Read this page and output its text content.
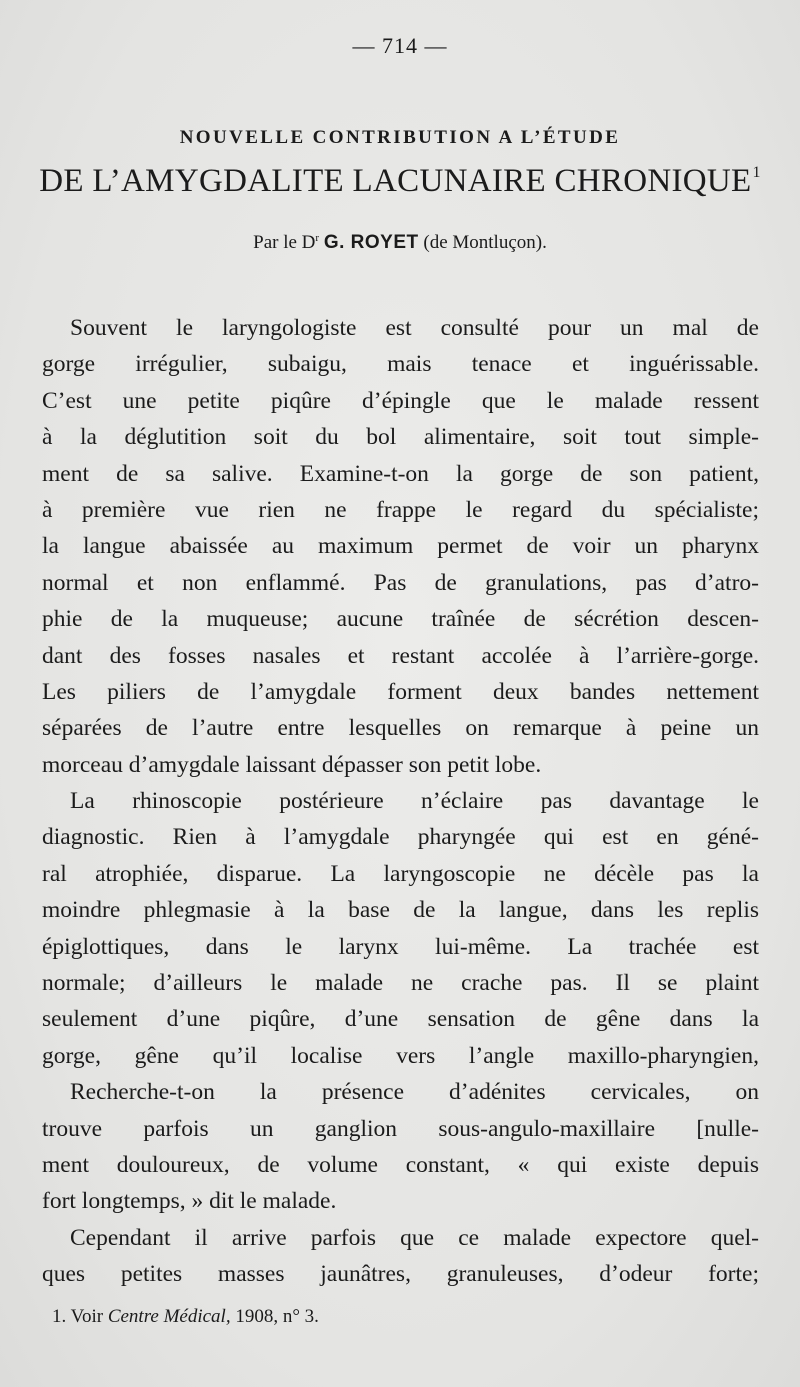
— 714 —
NOUVELLE CONTRIBUTION A L’ÉTUDE
DE L’AMYGDALITE LACUNAIRE CHRONIQUE$^1$
Par le $D^r$ G. ROYET (de Montluçon).
Souvent le laryngologiste est consulté pour un mal de
gorge irrégulier, subaigu, mais tenace et inguérissable.
C’est une petite piqûre d’épingle que le malade ressent
à la déglutition soit du bol alimentaire, soit tout simple-
ment de sa salive. Examine-t-on la gorge de son patient,
à première vue rien ne frappe le regard du spécialiste;
la langue abaissée au maximum permet de voir un pharynx
normal et non enflammé. Pas de granulations, pas d’atro-
phie de la muqueuse; aucune traînée de sécrétion descen-
dant des fosses nasales et restant accolée à l’arrière-gorge.
Les piliers de l’amygdale forment deux bandes nettement
séparées de l’autre entre lesquelles on remarque à peine un
morceau d’amygdale laissant dépasser son petit lobe.
La rhinoscopie postérieure n’éclaire pas davantage le
diagnostic. Rien à l’amygdale pharyngée qui est en géné-
ral atrophiée, disparue. La laryngoscopie ne décèle pas la
moindre phlegmasie à la base de la langue, dans les replis
épiglottiques, dans le larynx lui-même. La trachée est
normale; d’ailleurs le malade ne crache pas. Il se plaint
seulement d’une piqûre, d’une sensation de gêne dans la
gorge, gêne qu’il localise vers l’angle maxillo-pharyngien,
Recherche-t-on la présence d’adénites cervicales, on
trouve parfois un ganglion sous-angulo-maxillaire [nulle-
ment douloureux, de volume constant, « qui existe depuis
fort longtemps, » dit le malade.
Cependant il arrive parfois que ce malade expectore quel-
ques petites masses jaunâtres, granuleuses, d’odeur forte;
1. Voir Centre Médical, 1908, n° 3.
